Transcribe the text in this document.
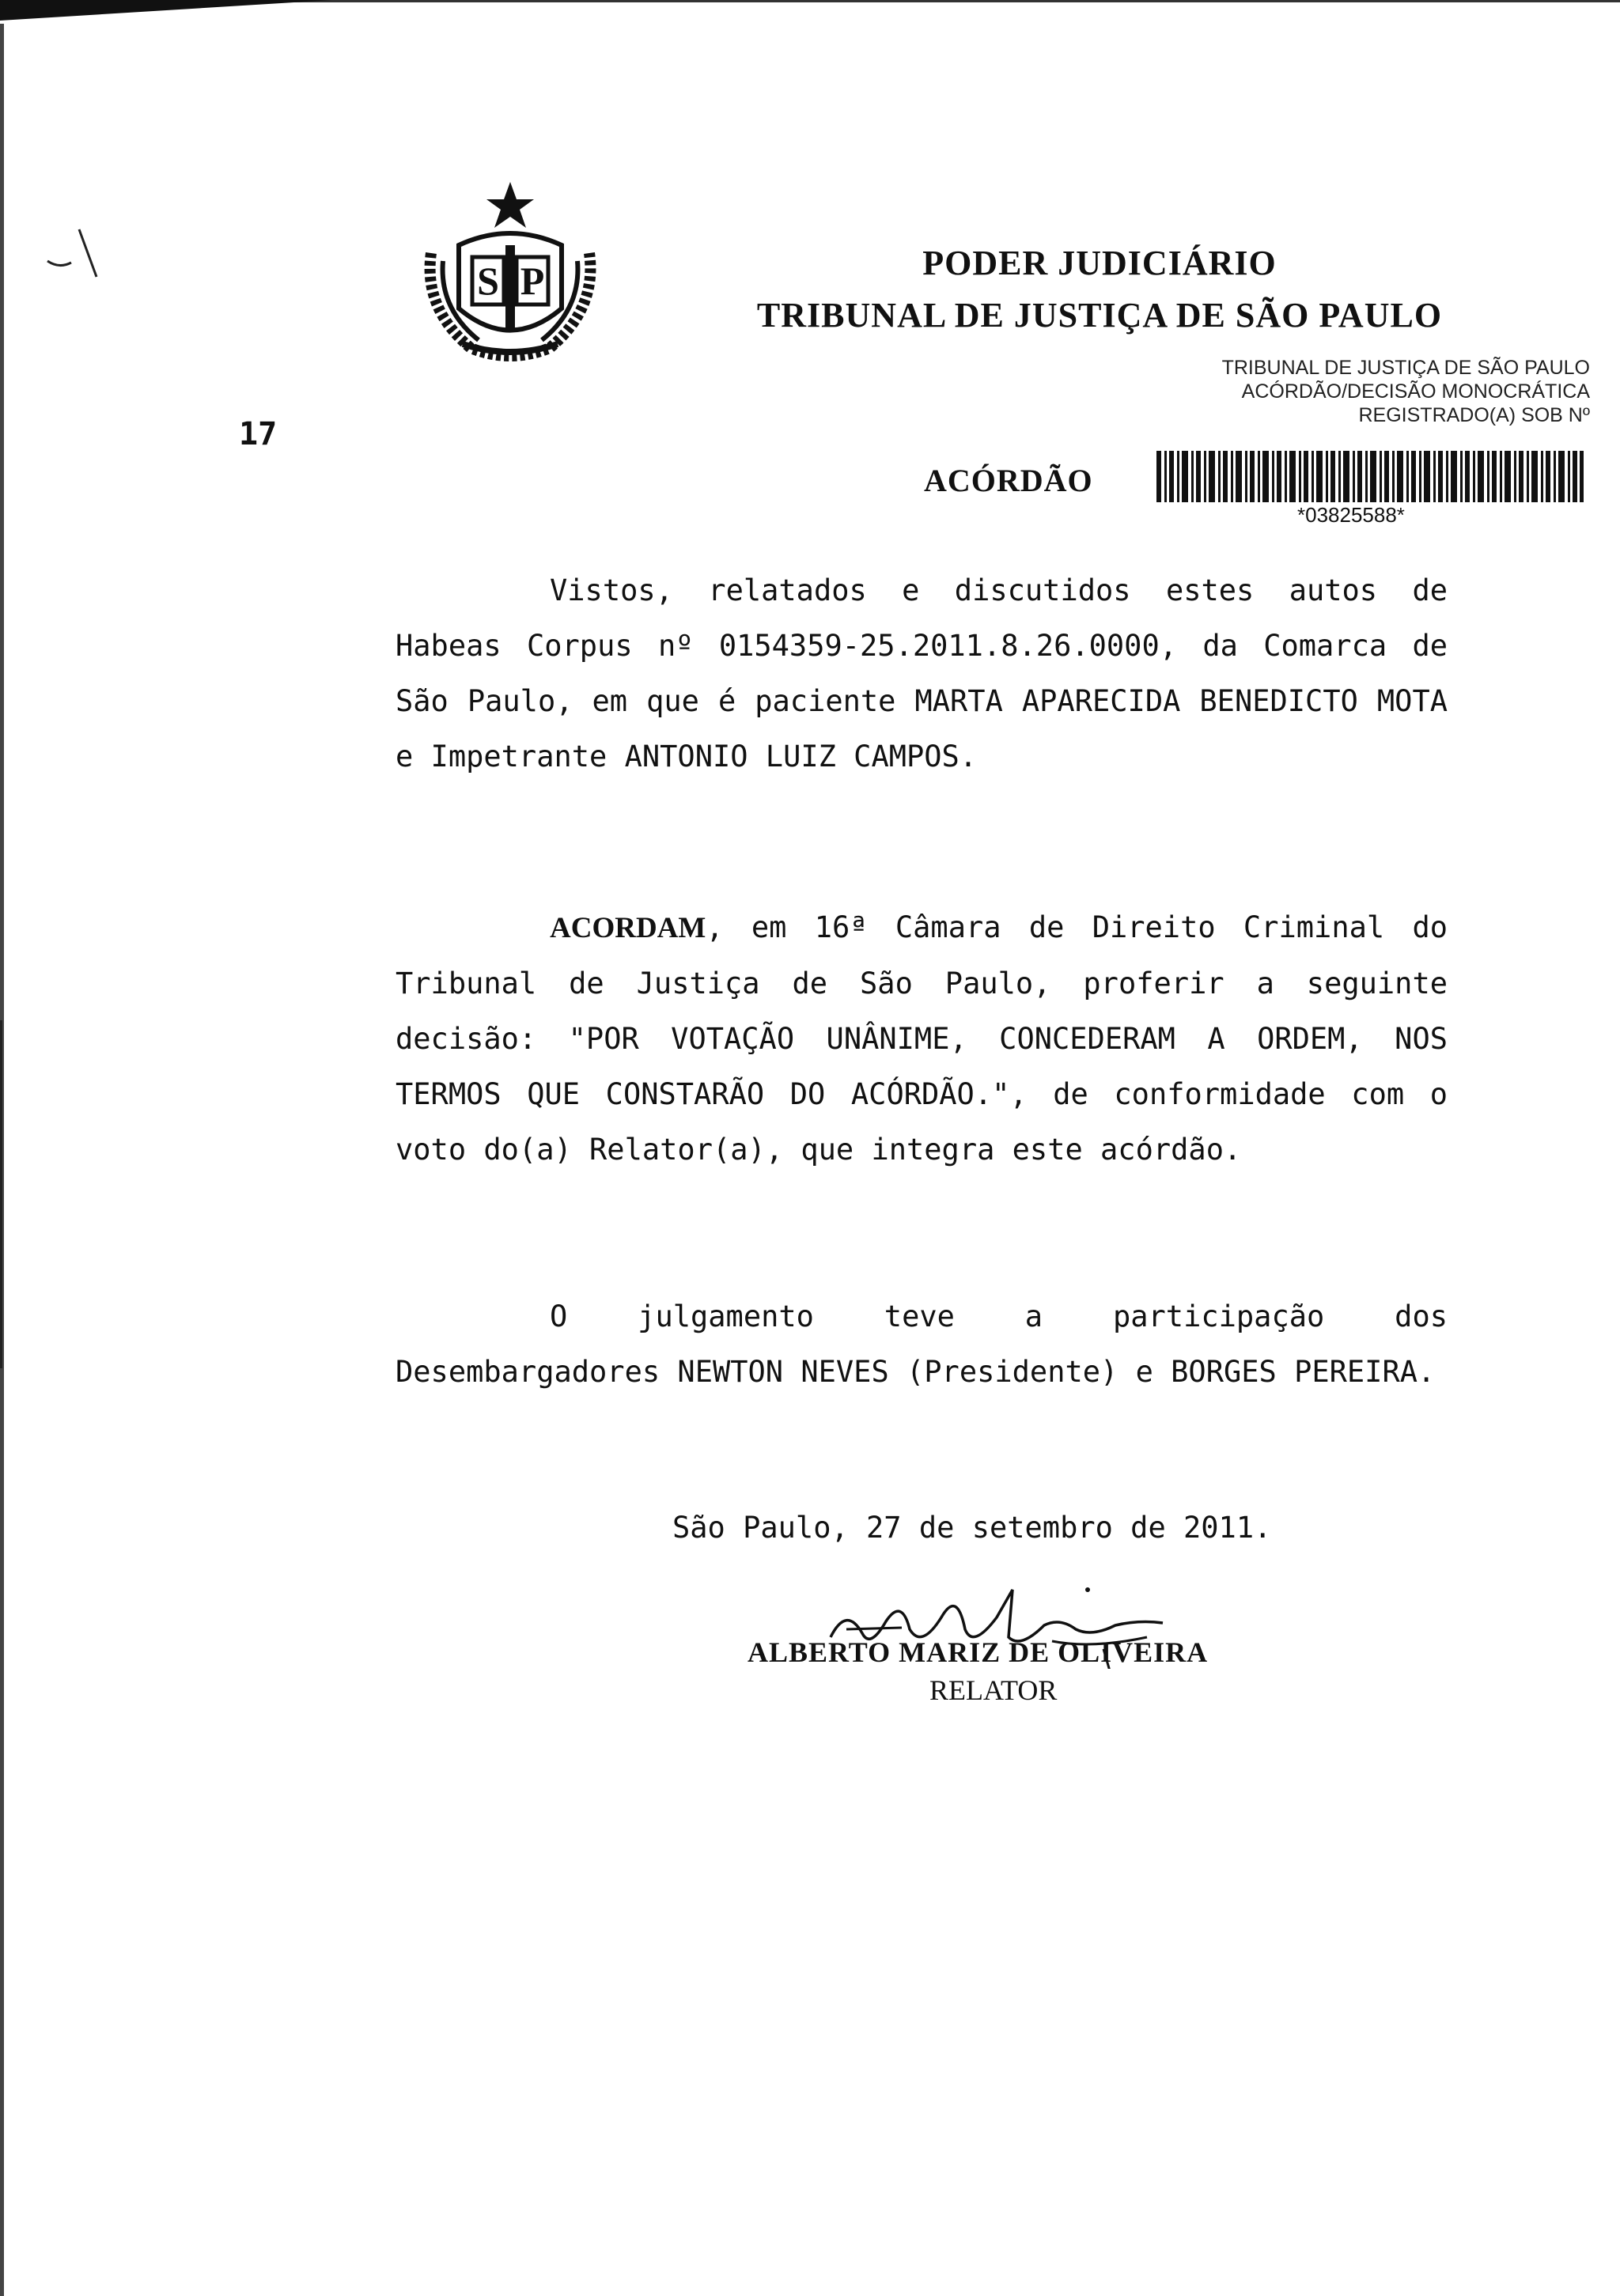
S P
17
PODER JUDICIÁRIO
TRIBUNAL DE JUSTIÇA DE SÃO PAULO
TRIBUNAL DE JUSTIÇA DE SÃO PAULO
ACÓRDÃO/DECISÃO MONOCRÁTICA
REGISTRADO(A) SOB Nº
*03825588*
ACÓRDÃO

Vistos, relatados e discutidos estes autos de Habeas Corpus nº 0154359-25.2011.8.26.0000, da Comarca de São Paulo, em que é paciente MARTA APARECIDA BENEDICTO MOTA e Impetrante ANTONIO LUIZ CAMPOS.

ACORDAM, em 16ª Câmara de Direito Criminal do Tribunal de Justiça de São Paulo, proferir a seguinte decisão: "POR VOTAÇÃO UNÂNIME, CONCEDERAM A ORDEM, NOS TERMOS QUE CONSTARÃO DO ACÓRDÃO.", de conformidade com o voto do(a) Relator(a), que integra este acórdão.

O julgamento teve a participação dos Desembargadores NEWTON NEVES (Presidente) e BORGES PEREIRA.

São Paulo, 27 de setembro de 2011.
ALBERTO MARIZ DE OLIVEIRA
RELATOR
